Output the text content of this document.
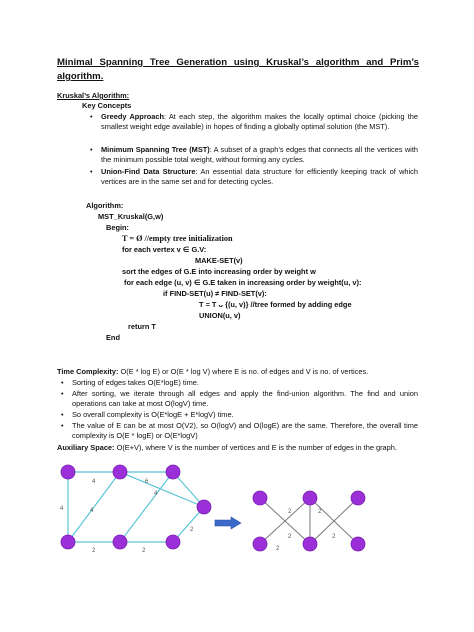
Minimal Spanning Tree Generation using Kruskal’s algorithm and Prim’s algorithm.
Kruskal’s Algorithm:
Key Concepts
• Greedy Approach: At each step, the algorithm makes the locally optimal choice (picking the smallest weight edge available) in hopes of finding a globally optimal solution (the MST).
• Minimum Spanning Tree (MST): A subset of a graph’s edges that connects all the vertices with the minimum possible total weight, without forming any cycles.
• Union-Find Data Structure: An essential data structure for efficiently keeping track of which vertices are in the same set and for detecting cycles.
Algorithm:
MST_Kruskal(G,w)
Begin:
T = Ø //empty tree initialization
for each vertex v ∈ G.V:
MAKE-SET(v)
sort the edges of G.E into increasing order by weight w
for each edge (u, v) ∈ G.E taken in increasing order by weight(u, v):
if FIND-SET(u) ≠ FIND-SET(v):
T = T ᴗ {(u, v)} //tree formed by adding edge
UNION(u, v)
return T
End
Time Complexity: O(E * log E) or O(E * log V) where E is no. of edges and V is no. of vertices.
• Sorting of edges takes O(E*logE) time.
• After sorting, we iterate through all edges and apply the find-union algorithm. The find and union operations can take at most O(logV) time.
• So overall complexity is O(E*logE + E*logV) time.
• The value of E can be at most O(V2), so O(logV) and O(logE) are the same. Therefore, the overall time complexity is O(E * logE) or O(E*logV)
Auxiliary Space: O(E+V), where V is the number of vertices and E is the number of edges in the graph.
4	6
4	4
2
4
2
2
2	2
2	2
2
